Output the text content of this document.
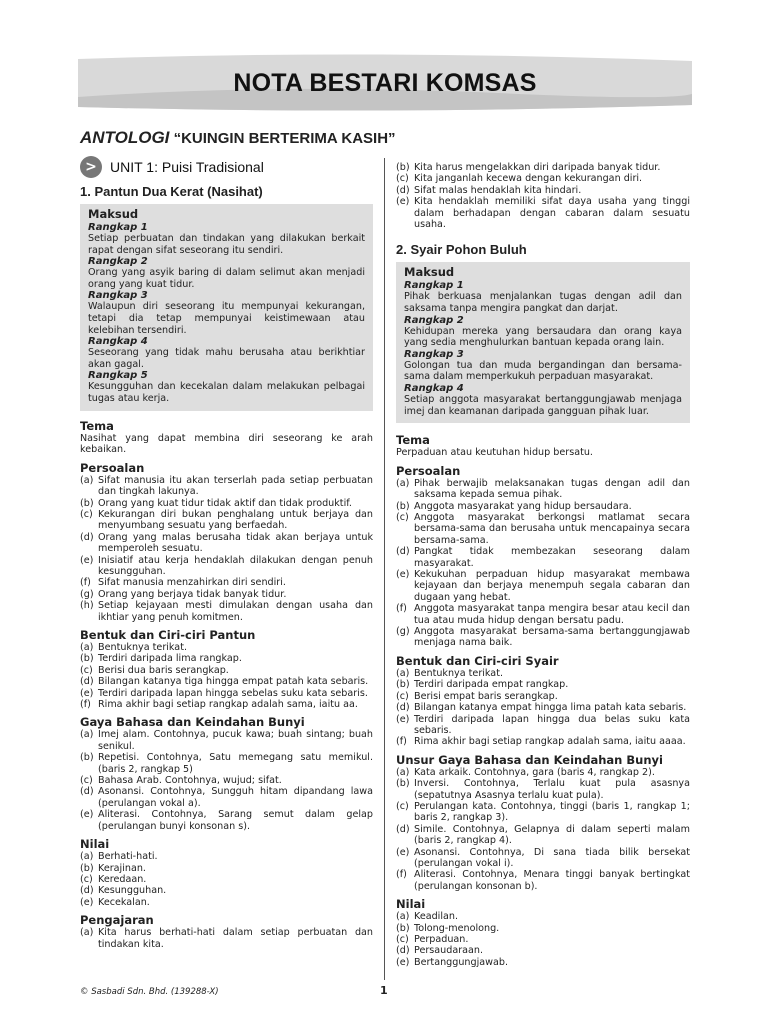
NOTA BESTARI KOMSAS
ANTOLOGI “KUINGIN BERTERIMA KASIH”
> UNIT 1: Puisi Tradisional
1. Pantun Dua Kerat (Nasihat)
Maksud
Rangkap 1
Setiap perbuatan dan tindakan yang dilakukan berkait rapat dengan sifat seseorang itu sendiri.
Rangkap 2
Orang yang asyik baring di dalam selimut akan menjadi orang yang kuat tidur.
Rangkap 3
Walaupun diri seseorang itu mempunyai kekurangan, tetapi dia tetap mempunyai keistimewaan atau kelebihan tersendiri.
Rangkap 4
Seseorang yang tidak mahu berusaha atau berikhtiar akan gagal.
Rangkap 5
Kesungguhan dan kecekalan dalam melakukan pelbagai tugas atau kerja.
Tema
Nasihat yang dapat membina diri seseorang ke arah kebaikan.
Persoalan
(a) Sifat manusia itu akan terserlah pada setiap perbuatan dan tingkah lakunya.
(b) Orang yang kuat tidur tidak aktif dan tidak produktif.
(c) Kekurangan diri bukan penghalang untuk berjaya dan menyumbang sesuatu yang berfaedah.
(d) Orang yang malas berusaha tidak akan berjaya untuk memperoleh sesuatu.
(e) Inisiatif atau kerja hendaklah dilakukan dengan penuh kesungguhan.
(f) Sifat manusia menzahirkan diri sendiri.
(g) Orang yang berjaya tidak banyak tidur.
(h) Setiap kejayaan mesti dimulakan dengan usaha dan ikhtiar yang penuh komitmen.
Bentuk dan Ciri-ciri Pantun
(a) Bentuknya terikat.
(b) Terdiri daripada lima rangkap.
(c) Berisi dua baris serangkap.
(d) Bilangan katanya tiga hingga empat patah kata sebaris.
(e) Terdiri daripada lapan hingga sebelas suku kata sebaris.
(f) Rima akhir bagi setiap rangkap adalah sama, iaitu aa.
Gaya Bahasa dan Keindahan Bunyi
(a) Imej alam. Contohnya, pucuk kawa; buah sintang; buah senikul.
(b) Repetisi. Contohnya, Satu memegang satu memikul. (baris 2, rangkap 5)
(c) Bahasa Arab. Contohnya, wujud; sifat.
(d) Asonansi. Contohnya, Sungguh hitam dipandang lawa (perulangan vokal a).
(e) Aliterasi. Contohnya, Sarang semut dalam gelap (perulangan bunyi konsonan s).
Nilai
(a) Berhati-hati.
(b) Kerajinan.
(c) Keredaan.
(d) Kesungguhan.
(e) Kecekalan.
Pengajaran
(a) Kita harus berhati-hati dalam setiap perbuatan dan tindakan kita.
(b) Kita harus mengelakkan diri daripada banyak tidur.
(c) Kita janganlah kecewa dengan kekurangan diri.
(d) Sifat malas hendaklah kita hindari.
(e) Kita hendaklah memiliki sifat daya usaha yang tinggi dalam berhadapan dengan cabaran dalam sesuatu usaha.
2. Syair Pohon Buluh
Maksud
Rangkap 1
Pihak berkuasa menjalankan tugas dengan adil dan saksama tanpa mengira pangkat dan darjat.
Rangkap 2
Kehidupan mereka yang bersaudara dan orang kaya yang sedia menghulurkan bantuan kepada orang lain.
Rangkap 3
Golongan tua dan muda bergandingan dan bersama-sama dalam memperkukuh perpaduan masyarakat.
Rangkap 4
Setiap anggota masyarakat bertanggungjawab menjaga imej dan keamanan daripada gangguan pihak luar.
Tema
Perpaduan atau keutuhan hidup bersatu.
Persoalan
(a) Pihak berwajib melaksanakan tugas dengan adil dan saksama kepada semua pihak.
(b) Anggota masyarakat yang hidup bersaudara.
(c) Anggota masyarakat berkongsi matlamat secara bersama-sama dan berusaha untuk mencapainya secara bersama-sama.
(d) Pangkat tidak membezakan seseorang dalam masyarakat.
(e) Kekukuhan perpaduan hidup masyarakat membawa kejayaan dan berjaya menempuh segala cabaran dan dugaan yang hebat.
(f) Anggota masyarakat tanpa mengira besar atau kecil dan tua atau muda hidup dengan bersatu padu.
(g) Anggota masyarakat bersama-sama bertanggungjawab menjaga nama baik.
Bentuk dan Ciri-ciri Syair
(a) Bentuknya terikat.
(b) Terdiri daripada empat rangkap.
(c) Berisi empat baris serangkap.
(d) Bilangan katanya empat hingga lima patah kata sebaris.
(e) Terdiri daripada lapan hingga dua belas suku kata sebaris.
(f) Rima akhir bagi setiap rangkap adalah sama, iaitu aaaa.
Unsur Gaya Bahasa dan Keindahan Bunyi
(a) Kata arkaik. Contohnya, gara (baris 4, rangkap 2).
(b) Inversi. Contohnya, Terlalu kuat pula asasnya (sepatutnya Asasnya terlalu kuat pula).
(c) Perulangan kata. Contohnya, tinggi (baris 1, rangkap 1; baris 2, rangkap 3).
(d) Simile. Contohnya, Gelapnya di dalam seperti malam (baris 2, rangkap 4).
(e) Asonansi. Contohnya, Di sana tiada bilik bersekat (perulangan vokal i).
(f) Aliterasi. Contohnya, Menara tinggi banyak bertingkat (perulangan konsonan b).
Nilai
(a) Keadilan.
(b) Tolong-menolong.
(c) Perpaduan.
(d) Persaudaraan.
(e) Bertanggungjawab.
© Sasbadi Sdn. Bhd. (139288-X)	1
